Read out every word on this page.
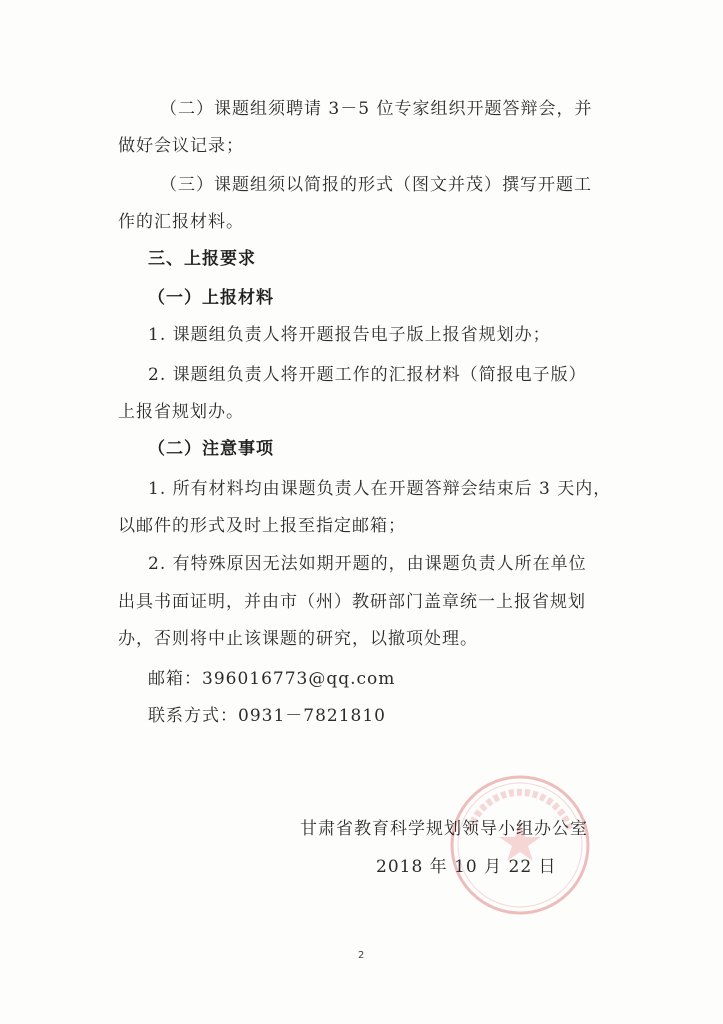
（二）课题组须聘请 3－5 位专家组织开题答辩会，并
做好会议记录；
（三）课题组须以简报的形式（图文并茂）撰写开题工
作的汇报材料。
三、上报要求
（一）上报材料
1. 课题组负责人将开题报告电子版上报省规划办；
2. 课题组负责人将开题工作的汇报材料（简报电子版）
上报省规划办。
（二）注意事项
1. 所有材料均由课题负责人在开题答辩会结束后 3 天内，
以邮件的形式及时上报至指定邮箱；
2. 有特殊原因无法如期开题的，由课题负责人所在单位
出具书面证明，并由市（州）教研部门盖章统一上报省规划
办，否则将中止该课题的研究，以撤项处理。
邮箱：396016773@qq.com
联系方式：0931－7821810
甘肃省教育科学规划领导小组办公室
2018 年 10 月 22 日
2
